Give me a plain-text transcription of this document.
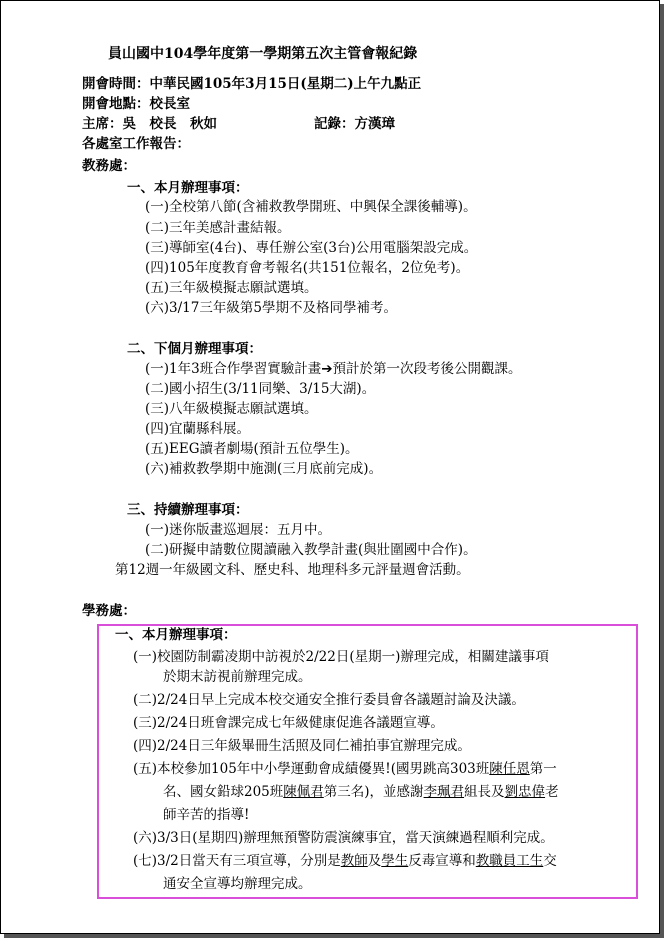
員山國中104學年度第一學期第五次主管會報紀錄
開會時間：中華民國105年3月15日(星期二)上午九點正
開會地點：校長室
主席：吳　校長　秋如	記錄：方漢璋
各處室工作報告：
教務處：
一、本月辦理事項：
(一)全校第八節(含補救教學開班、中興保全課後輔導)。
(二)三年美感計畫結報。
(三)導師室(4台)、專任辦公室(3台)公用電腦架設完成。
(四)105年度教育會考報名(共151位報名，2位免考)。
(五)三年級模擬志願試選填。
(六)3/17三年級第5學期不及格同學補考。
二、下個月辦理事項：
(一)1年3班合作學習實驗計畫➔預計於第一次段考後公開觀課。
(二)國小招生(3/11同樂、3/15大湖)。
(三)八年級模擬志願試選填。
(四)宜蘭縣科展。
(五)EEG讀者劇場(預計五位學生)。
(六)補救教學期中施測(三月底前完成)。
三、持續辦理事項：
(一)迷你版畫巡迴展：五月中。
(二)研擬申請數位閱讀融入教學計畫(與壯圍國中合作)。
第12週一年級國文科、歷史科、地理科多元評量週會活動。
學務處：
一、本月辦理事項：
(一)校園防制霸凌期中訪視於2/22日(星期一)辦理完成，相關建議事項
於期末訪視前辦理完成。
(二)2/24日早上完成本校交通安全推行委員會各議題討論及決議。
(三)2/24日班會課完成七年級健康促進各議題宣導。
(四)2/24日三年級畢冊生活照及同仁補拍事宜辦理完成。
(五)本校參加105年中小學運動會成績優異!(國男跳高303班陳任恩第一
名、國女鉛球205班陳佩君第三名)，並感謝李珮君組長及劉忠偉老
師辛苦的指導!
(六)3/3日(星期四)辦理無預警防震演練事宜，當天演練過程順利完成。
(七)3/2日當天有三項宣導，分別是教師及學生反毒宣導和教職員工生交
通安全宣導均辦理完成。
